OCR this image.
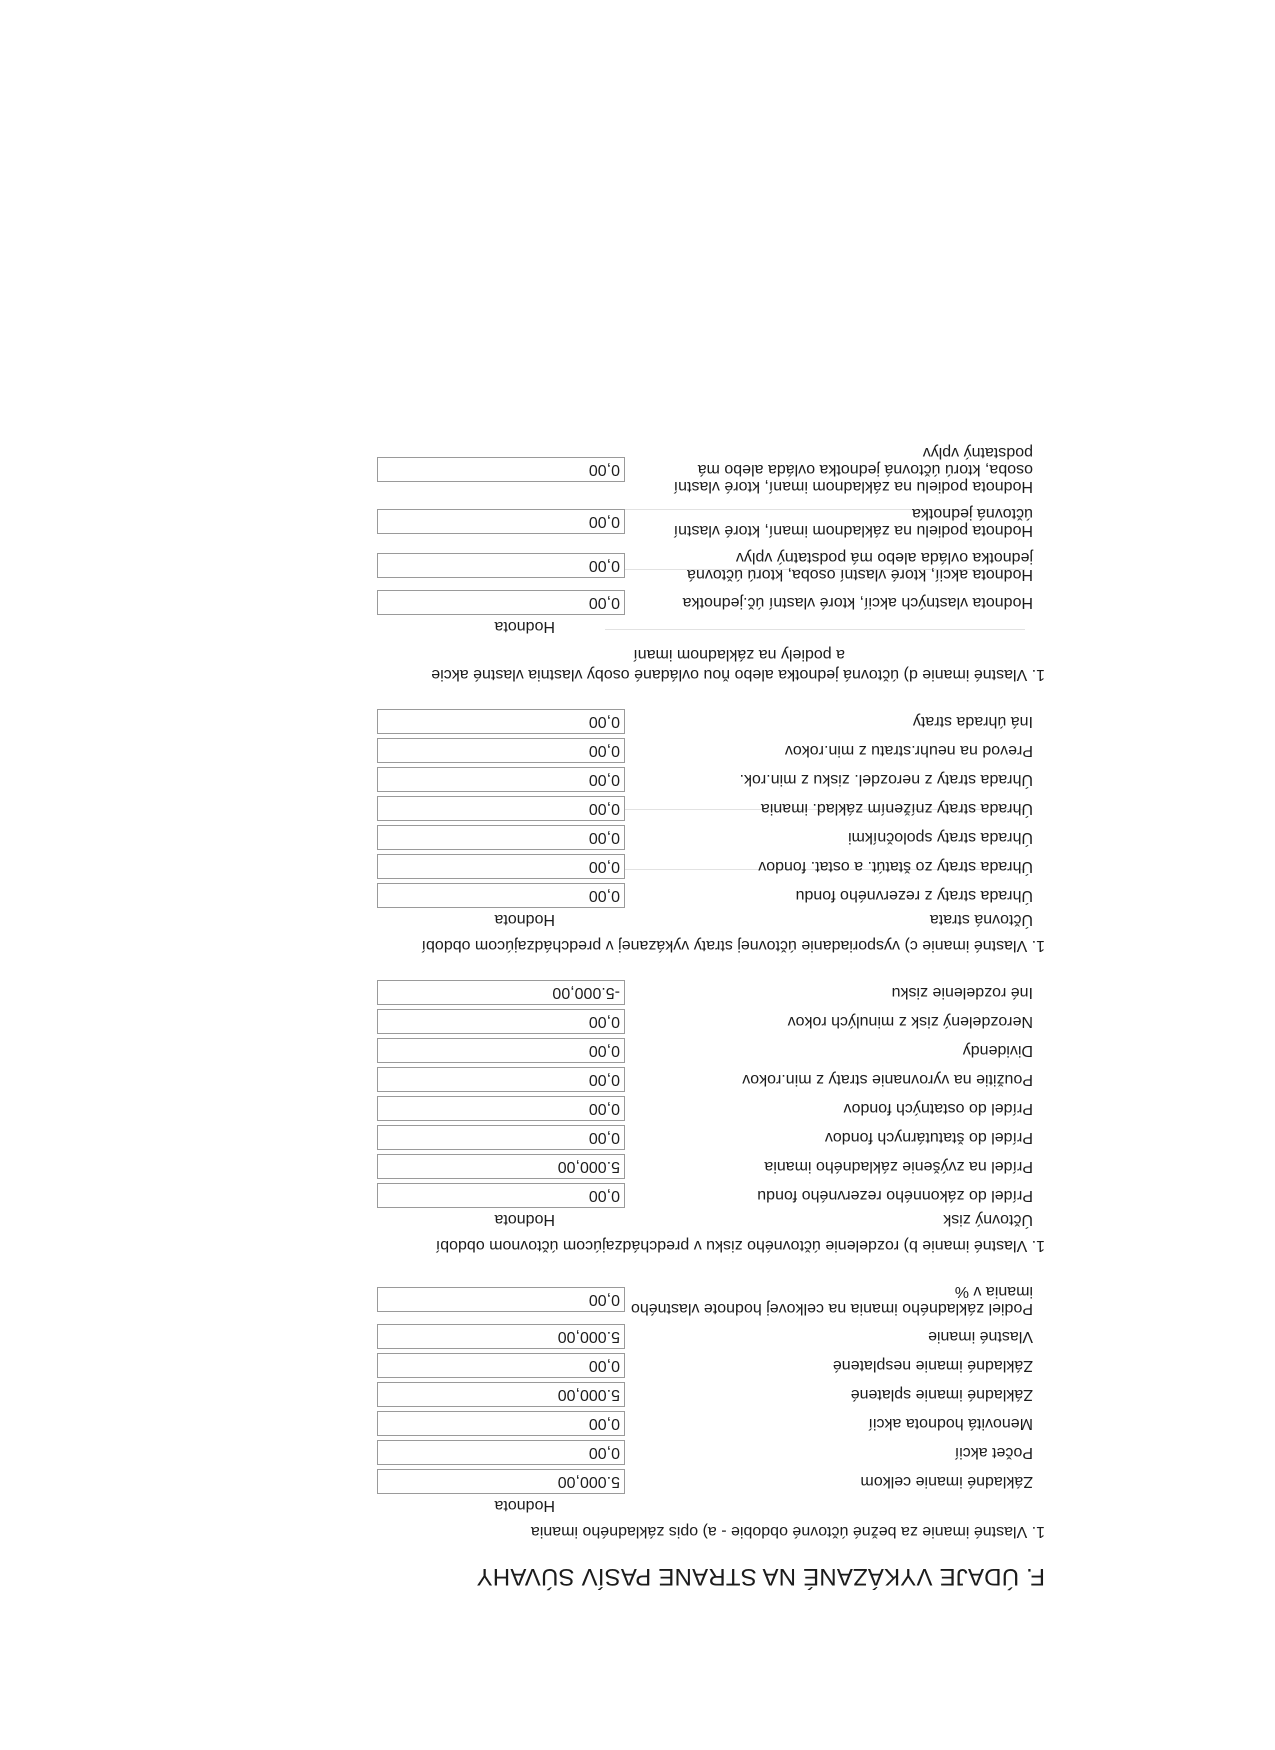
F. ÚDAJE VYKÁZANÉ NA STRANE PASÍV SÚVAHY
1. Vlastné imanie za bežné účtovné obdobie - a) opis základného imania
Hodnota
Základné imanie celkom
5.000,00
Počet akcií
0,00
Menovitá hodnota akcií
0,00
Základné imanie splatené
5.000,00
Základné imanie nesplatené
0,00
Vlastné imanie
5.000,00
Podiel základného imania na celkovej hodnote vlastného imania v %
0,00
1. Vlastné imanie b) rozdelenie účtovného zisku v predchádzajúcom účtovnom období
Účtovný zisk
Hodnota
Prídel do zákonného rezervného fondu
0,00
Prídel na zvýšenie základného imania
5.000,00
Prídel do štatutárnych fondov
0,00
Prídel do ostatných fondov
0,00
Použitie na vyrovnanie straty z min.rokov
0,00
Dividendy
0,00
Nerozdelený zisk z minulých rokov
0,00
Iné rozdelenie zisku
-5.000,00
1. Vlastné imanie c) vysporiadanie účtovnej straty vykázanej v predchádzajúcom období
Účtovná strata
Hodnota
Úhrada straty z rezervného fondu
0,00
Úhrada straty zo štatút. a ostat. fondov
0,00
Úhrada straty spoločníkmi
0,00
Úhrada straty znížením základ. imania
0,00
Úhrada straty z nerozdel. zisku z min.rok.
0,00
Prevod na neuhr.stratu z min.rokov
0,00
Iná úhrada straty
0,00
1. Vlastné imanie d) účtovná jednotka alebo ňou ovládané osoby vlastnia vlastné akcie
a podiely na základnom imaní
Hodnota
Hodnota vlastných akcií, ktoré vlastní úč.jednotka
0,00
Hodnota akcií, ktoré vlastní osoba, ktorú účtovná jednotka ovláda alebo má podstatný vplyv
0,00
Hodnota podielu na základnom imaní, ktoré vlastní účtovná jednotka
0,00
Hodnota podielu na základnom imaní, ktoré vlastní osoba, ktorú účtovná jednotka ovláda alebo má podstatný vplyv
0,00
